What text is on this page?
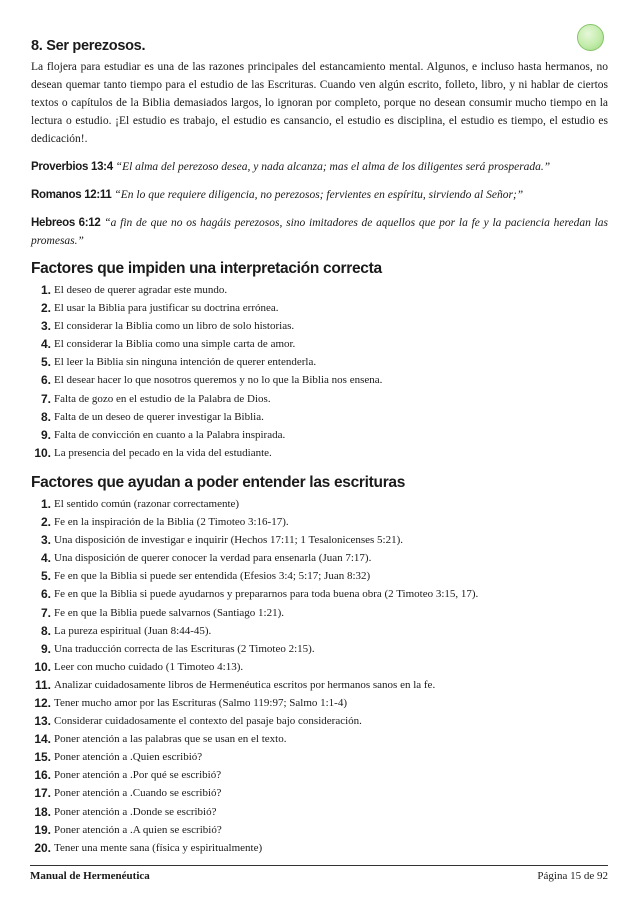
8. Ser perezosos.

La flojera para estudiar es una de las razones principales del estancamiento mental. Algunos, e incluso hasta hermanos, no desean quemar tanto tiempo para el estudio de las Escrituras. Cuando ven algún escrito, folleto, libro, y ni hablar de ciertos textos o capítulos de la Biblia demasiados largos, lo ignoran por completo, porque no desean consumir mucho tiempo en la lectura o estudio. ¡El estudio es trabajo, el estudio es cansancio, el estudio es disciplina, el estudio es tiempo, el estudio es dedicación!.

Proverbios 13:4 “El alma del perezoso desea, y nada alcanza; mas el alma de los diligentes será prosperada.”

Romanos 12:11 “En lo que requiere diligencia, no perezosos; fervientes en espíritu, sirviendo al Señor;”

Hebreos 6:12 “a fin de que no os hagáis perezosos, sino imitadores de aquellos que por la fe y la paciencia heredan las promesas.”

Factores que impiden una interpretación correcta
1. El deseo de querer agradar este mundo.
2. El usar la Biblia para justificar su doctrina errónea.
3. El considerar la Biblia como un libro de solo historias.
4. El considerar la Biblia como una simple carta de amor.
5. El leer la Biblia sin ninguna intención de querer entenderla.
6. El desear hacer lo que nosotros queremos y no lo que la Biblia nos ensena.
7. Falta de gozo en el estudio de la Palabra de Dios.
8. Falta de un deseo de querer investigar la Biblia.
9. Falta de convicción en cuanto a la Palabra inspirada.
10. La presencia del pecado en la vida del estudiante.
Factores que ayudan a poder entender las escrituras
1. El sentido común (razonar correctamente)
2. Fe en la inspiración de la Biblia (2 Timoteo 3:16-17).
3. Una disposición de investigar e inquirir (Hechos 17:11; 1 Tesalonicenses 5:21).
4. Una disposición de querer conocer la verdad para ensenarla (Juan 7:17).
5. Fe en que la Biblia si puede ser entendida (Efesios 3:4; 5:17; Juan 8:32)
6. Fe en que la Biblia si puede ayudarnos y prepararnos para toda buena obra (2 Timoteo 3:15, 17).
7. Fe en que la Biblia puede salvarnos (Santiago 1:21).
8. La pureza espiritual (Juan 8:44-45).
9. Una traducción correcta de las Escrituras (2 Timoteo 2:15).
10. Leer con mucho cuidado (1 Timoteo 4:13).
11. Analizar cuidadosamente libros de Hermenéutica escritos por hermanos sanos en la fe.
12. Tener mucho amor por las Escrituras (Salmo 119:97; Salmo 1:1-4)
13. Considerar cuidadosamente el contexto del pasaje bajo consideración.
14. Poner atención a las palabras que se usan en el texto.
15. Poner atención a .Quien escribió?
16. Poner atención a .Por qué se escribió?
17. Poner atención a .Cuando se escribió?
18. Poner atención a .Donde se escribió?
19. Poner atención a .A quien se escribió?
20. Tener una mente sana (física y espiritualmente)
Manual de Hermenéutica	Página 15 de 92
